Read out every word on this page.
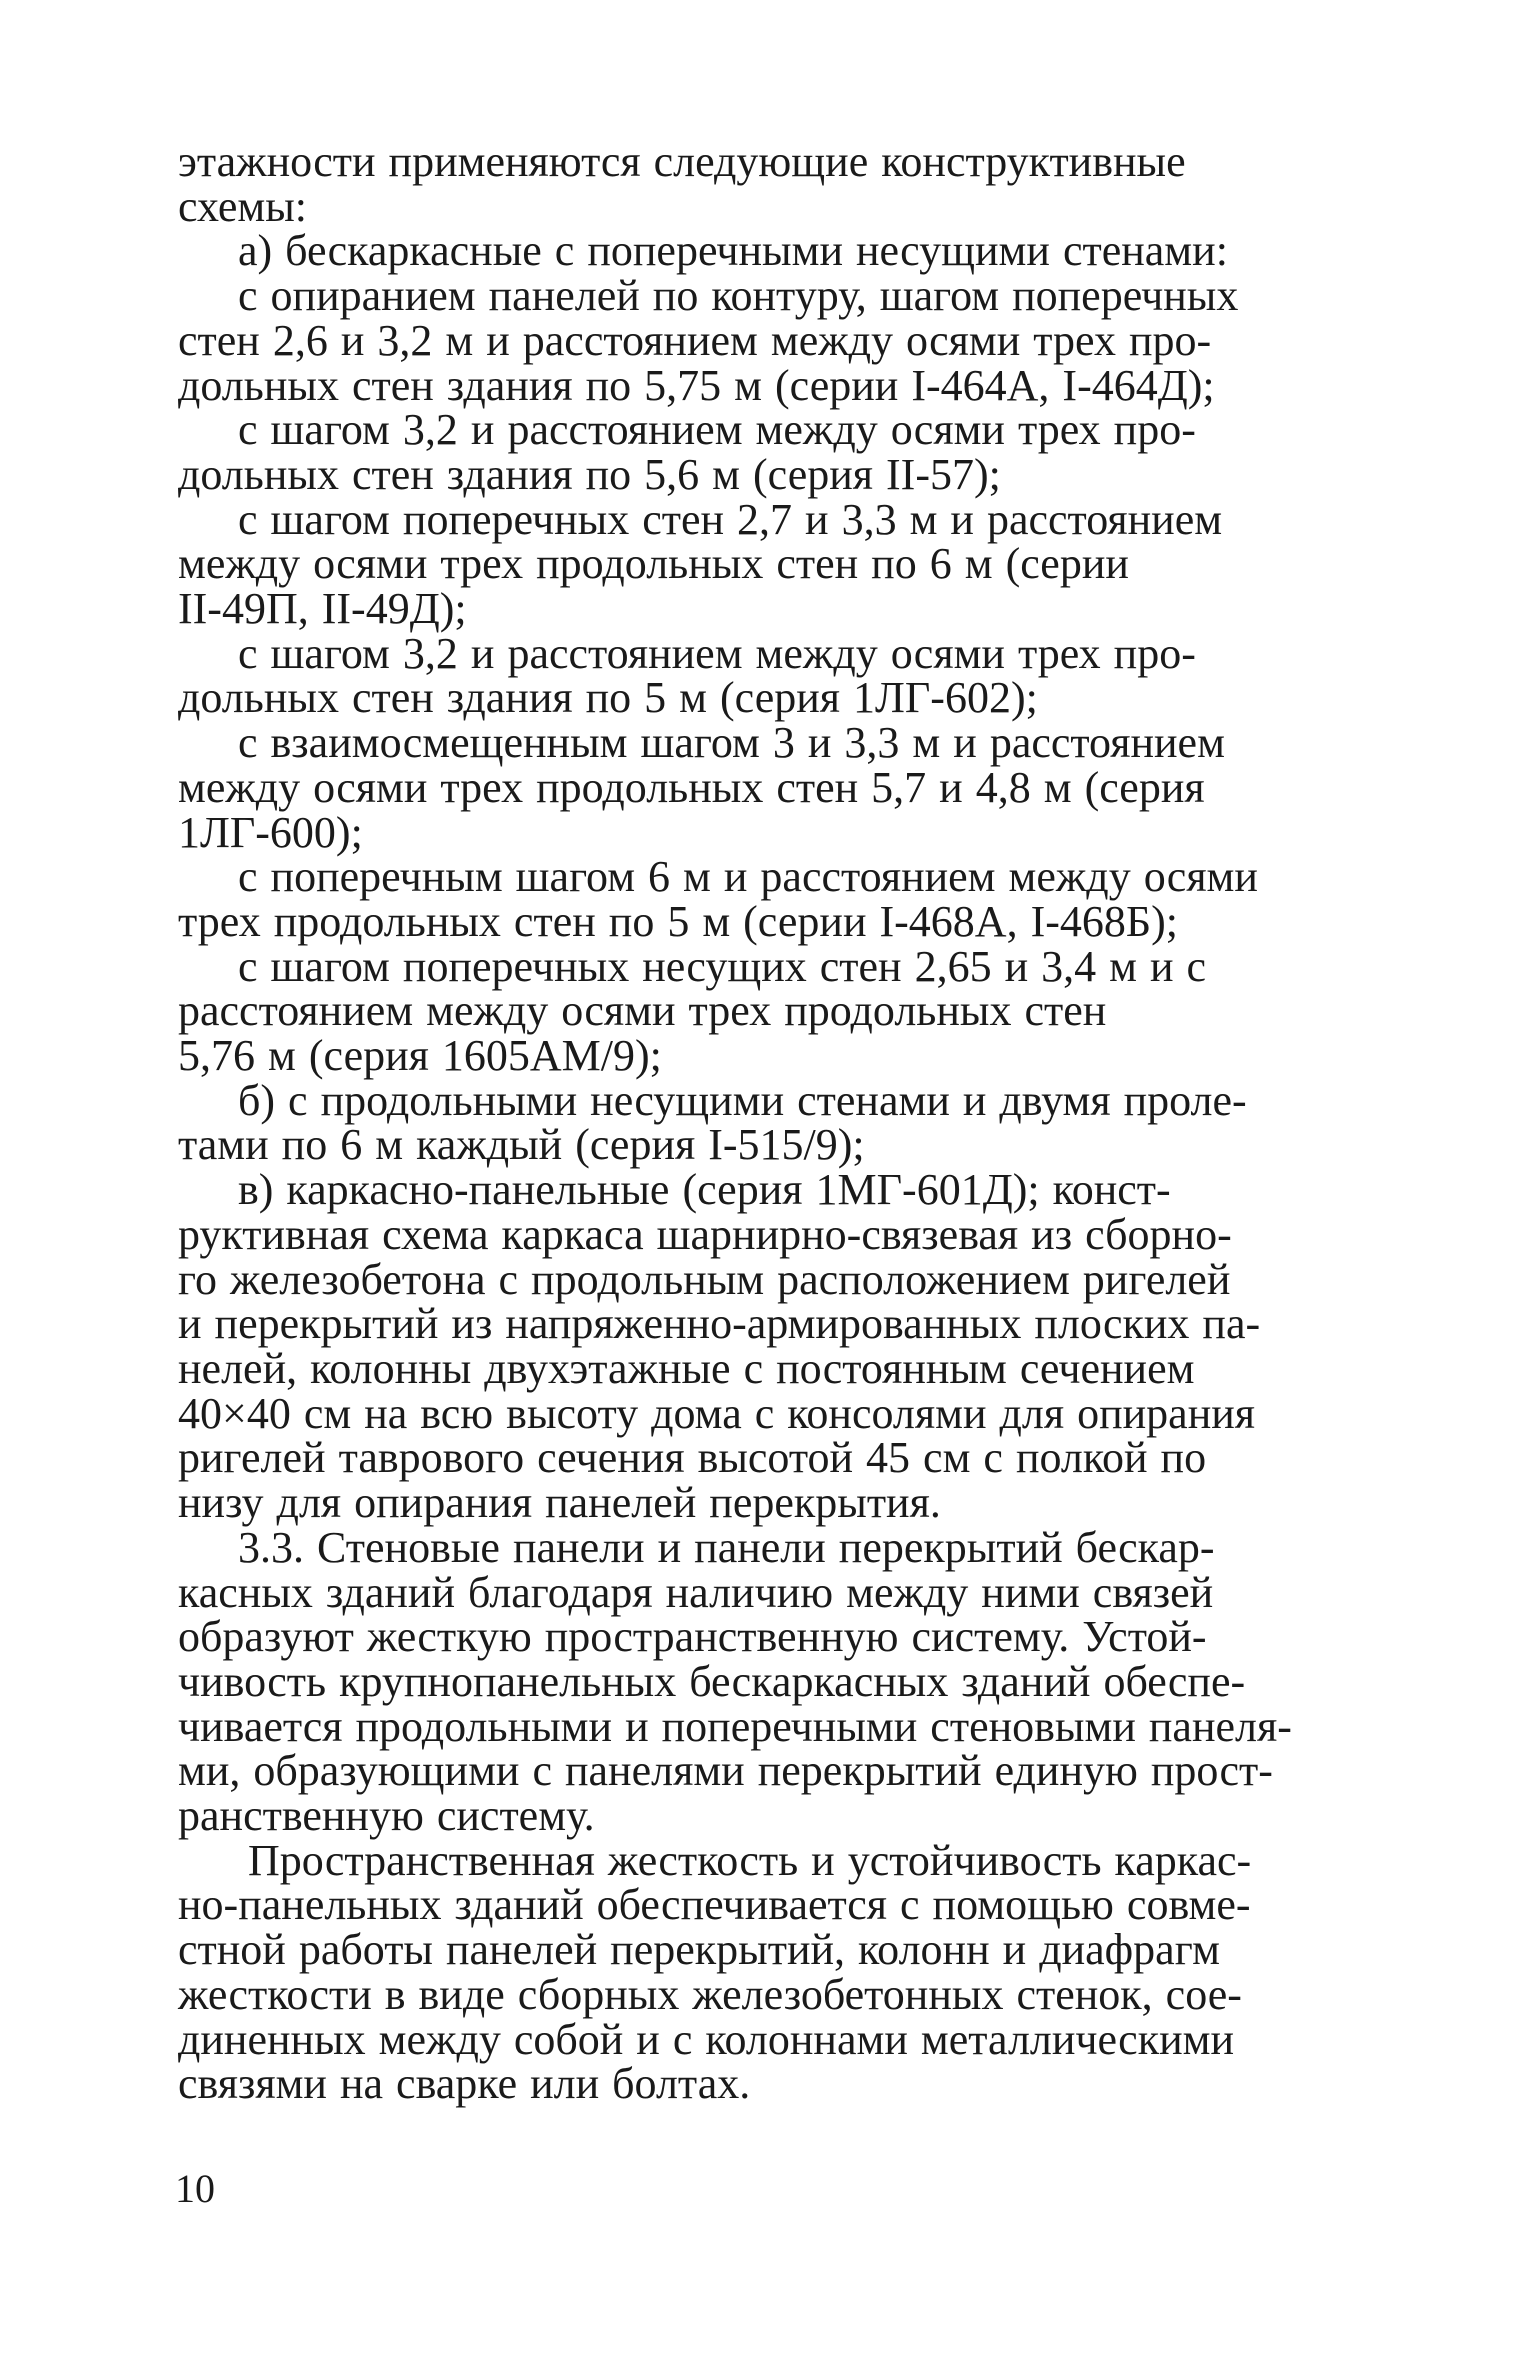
этажности применяются следующие конструктивные
схемы:
а) бескаркасные с поперечными несущими стенами:
с опиранием панелей по контуру, шагом поперечных
стен 2,6 и 3,2 м и расстоянием между осями трех про-
дольных стен здания по 5,75 м (серии I-464А, I-464Д);
с шагом 3,2 и расстоянием между осями трех про-
дольных стен здания по 5,6 м (серия II-57);
с шагом поперечных стен 2,7 и 3,3 м и расстоянием
между осями трех продольных стен по 6 м (серии
II-49П, II-49Д);
с шагом 3,2 и расстоянием между осями трех про-
дольных стен здания по 5 м (серия 1ЛГ-602);
с взаимосмещенным шагом 3 и 3,3 м и расстоянием
между осями трех продольных стен 5,7 и 4,8 м (серия
1ЛГ-600);
с поперечным шагом 6 м и расстоянием между осями
трех продольных стен по 5 м (серии I-468А, I-468Б);
с шагом поперечных несущих стен 2,65 и 3,4 м и с
расстоянием между осями трех продольных стен
5,76 м (серия 1605АМ/9);
б) с продольными несущими стенами и двумя проле-
тами по 6 м каждый (серия I-515/9);
в) каркасно-панельные (серия 1МГ-601Д); конст-
руктивная схема каркаса шарнирно-связевая из сборно-
го железобетона с продольным расположением ригелей
и перекрытий из напряженно-армированных плоских па-
нелей, колонны двухэтажные с постоянным сечением
40×40 см на всю высоту дома с консолями для опирания
ригелей таврового сечения высотой 45 см с полкой по
низу для опирания панелей перекрытия.
3.3. Стеновые панели и панели перекрытий бескар-
касных зданий благодаря наличию между ними связей
образуют жесткую пространственную систему. Устой-
чивость крупнопанельных бескаркасных зданий обеспе-
чивается продольными и поперечными стеновыми панеля-
ми, образующими с панелями перекрытий единую прост-
ранственную систему.
Пространственная жесткость и устойчивость каркас-
но-панельных зданий обеспечивается с помощью совме-
стной работы панелей перекрытий, колонн и диафрагм
жесткости в виде сборных железобетонных стенок, сое-
диненных между собой и с колоннами металлическими
связями на сварке или болтах.
10
